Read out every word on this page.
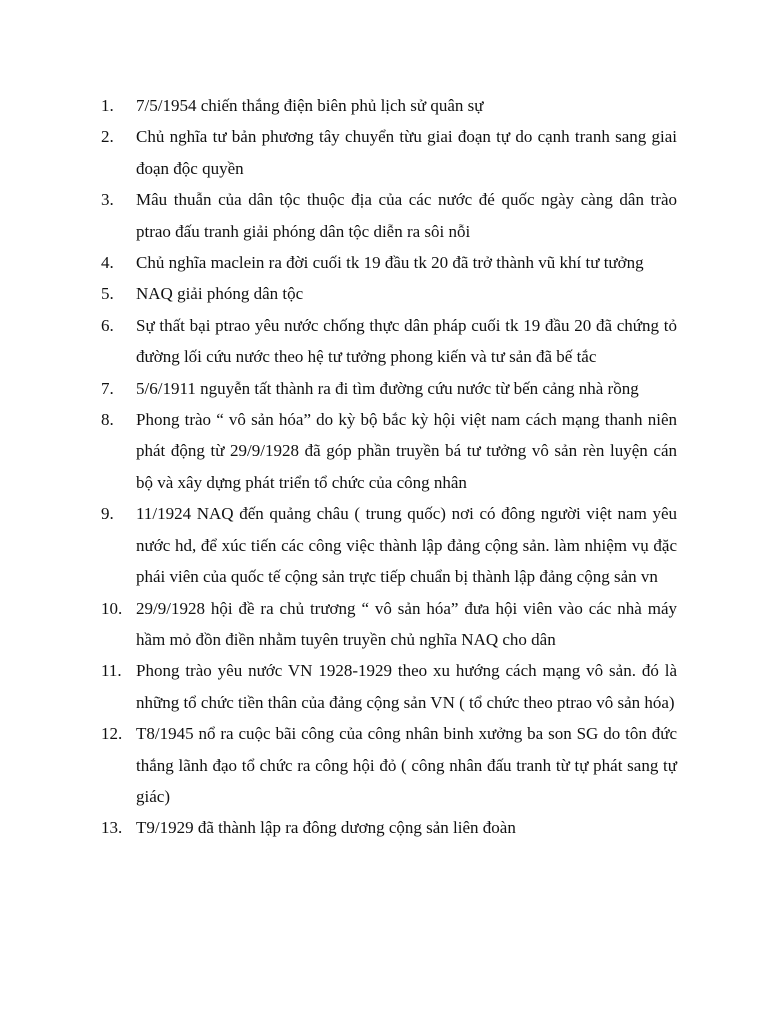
1.	7/5/1954 chiến thắng điện biên phủ lịch sử quân sự
2.	Chủ nghĩa tư bản phương tây chuyển từu giai đoạn tự do cạnh tranh sang giai đoạn độc quyền
3.	Mâu thuẫn của dân tộc thuộc địa của các nước đé quốc ngày càng dân trào ptrao đấu tranh giải phóng dân tộc diễn ra sôi nỗi
4.	Chủ nghĩa maclein ra đời cuối tk 19 đầu tk 20 đã trở thành vũ khí tư tưởng
5.	NAQ giải phóng dân tộc
6.	Sự thất bại ptrao yêu nước chống thực dân pháp cuối tk 19 đầu 20 đã chứng tỏ đường lối cứu nước theo hệ tư tưởng phong kiến và tư sản đã bế tắc
7.	5/6/1911 nguyễn tất thành ra đi tìm đường cứu nước từ bến cảng nhà rồng
8.	Phong trào “ vô sản hóa” do kỳ bộ bắc kỳ hội việt nam cách mạng thanh niên phát động từ 29/9/1928 đã góp phần truyền bá tư tưởng vô sản rèn luyện cán bộ và xây dựng phát triển tổ chức của công nhân
9.	11/1924 NAQ đến quảng châu ( trung quốc) nơi có đông người việt nam yêu nước hd, để xúc tiến các công việc thành lập đảng cộng sản. làm nhiệm vụ đặc phái viên của quốc tế cộng sản trực tiếp chuẩn bị thành lập đảng cộng sản vn
10. 29/9/1928 hội đề ra chủ trương “ vô sản hóa” đưa hội viên vào các nhà máy hầm mỏ đồn điền nhằm tuyên truyền chủ nghĩa NAQ cho dân
11. Phong trào yêu nước VN 1928-1929 theo xu hướng cách mạng vô sản. đó là những tổ chức tiền thân của đảng cộng sản VN ( tổ chức theo ptrao vô sản hóa)
12. T8/1945 nổ ra cuộc bãi công của công nhân binh xưởng ba son SG do tôn đức thắng lãnh đạo tổ chức ra công hội đỏ ( công nhân đấu tranh từ tự phát sang tự giác)
13. T9/1929 đã thành lập ra đông dương cộng sản liên đoàn
